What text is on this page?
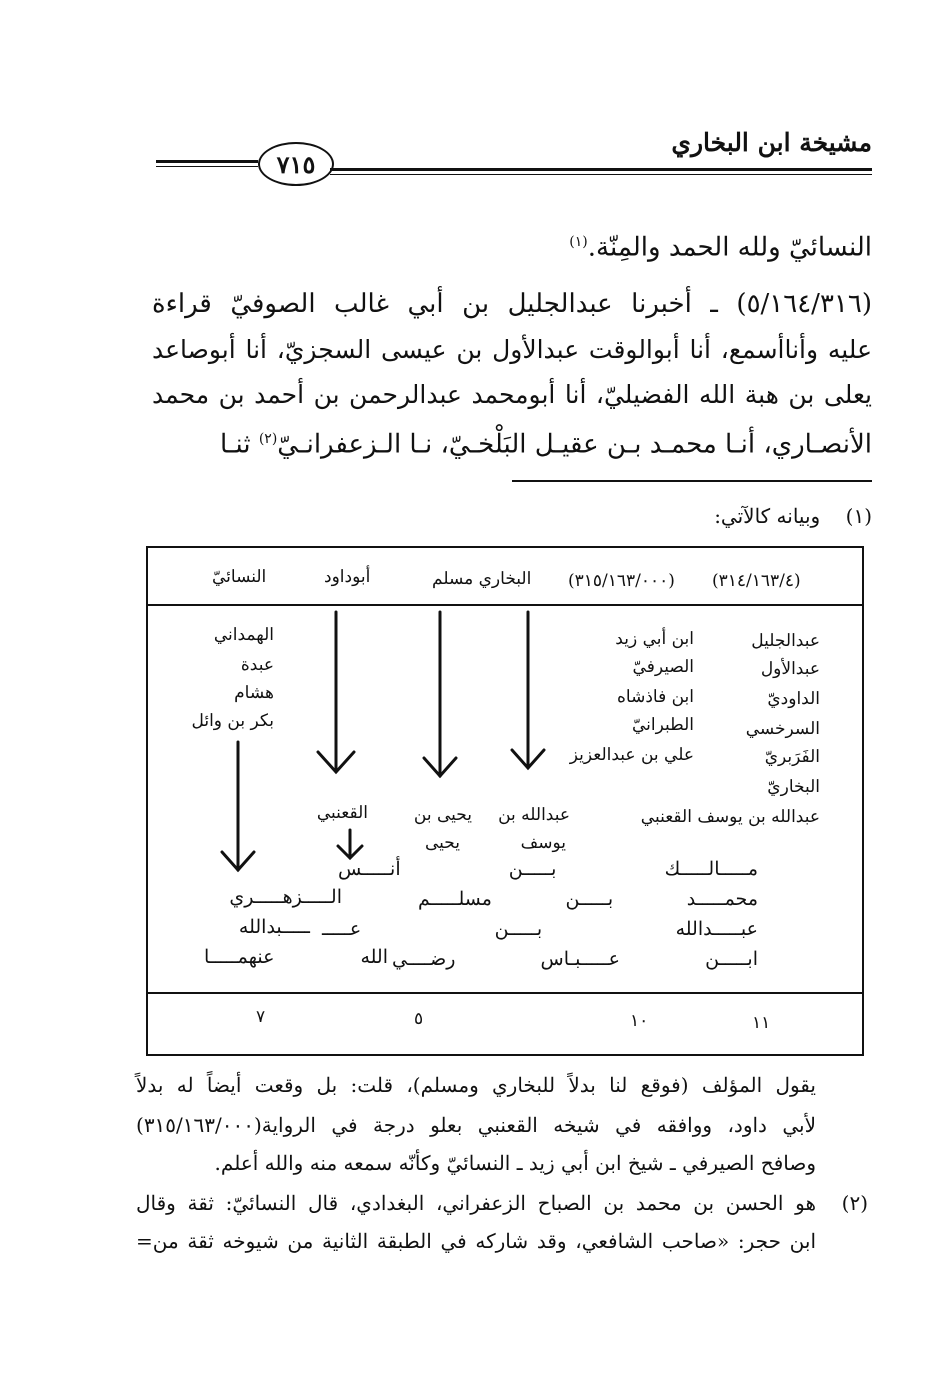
مشيخة ابن البخاري
٧١٥
النسائيّ ولله الحمد والمِنّة.$^{(١)}$
(٥/١٦٤/٣١٦) ـ أخبرنا عبدالجليل بن أبي غالب الصوفيّ قراءة
عليه وأناأسمع، أنا أبوالوقت عبدالأول بن عيسى السجزيّ، أنا أبوصاعد
يعلى بن هبة الله الفضيليّ، أنا أبومحمد عبدالرحمن بن أحمد بن محمد
الأنصـاري، أنـا محمـد بـن عقيـل البَلْخـيّ، نـا الـزعفرانـيّ$^{(٢)}$ ثنـا
(١)    وبيانه كالآتي:
(٣١٤/١٦٣/٤)
(٣١٥/١٦٣/٠٠٠)
البخاري مسلم
أبوداود
النسائيّ
عبدالجليل
عبدالأول
الداوديّ
السرخسي
الفَرَبريّ
البخاريّ
ابن أبي زيد
الصيرفيّ
ابن فاذشاه
الطبرانيّ
علي بن عبدالعزيز
الهمداني
عبدة
هشام
بكر بن وائل
عبدالله بن يوسف القعنبي
عبدالله بن
يوسف
يحيى بن
يحيى
القعنبي
مـــــالـــــك بـــــن أنـــــس
محمـــــد بـــــن مسلـــــم
الـــــزهـــــري
عبـــــدالله بـــــن عـــــ
ـــــبدالله
ابـــــن عـــــبـاس رضــــي
الله عنهمـــــا
١١
١٠
٥
٧
يقول المؤلف (فوقع لنا بدلاً للبخاري ومسلم)، قلت: بل وقعت أيضاً له بدلاً
لأبي داود، ووافقه في شيخه القعنبي بعلو درجة في الرواية(٣١٥/١٦٣/٠٠٠)
وصافح الصيرفي ـ شيخ ابن أبي زيد ـ النسائيّ وكأنّه سمعه منه والله أعلم.
(٢)
هو الحسن بن محمد بن الصباح الزعفراني، البغدادي، قال النسائيّ: ثقة وقال
ابن حجر: «صاحب الشافعي، وقد شاركه في الطبقة الثانية من شيوخه ثقة من=
